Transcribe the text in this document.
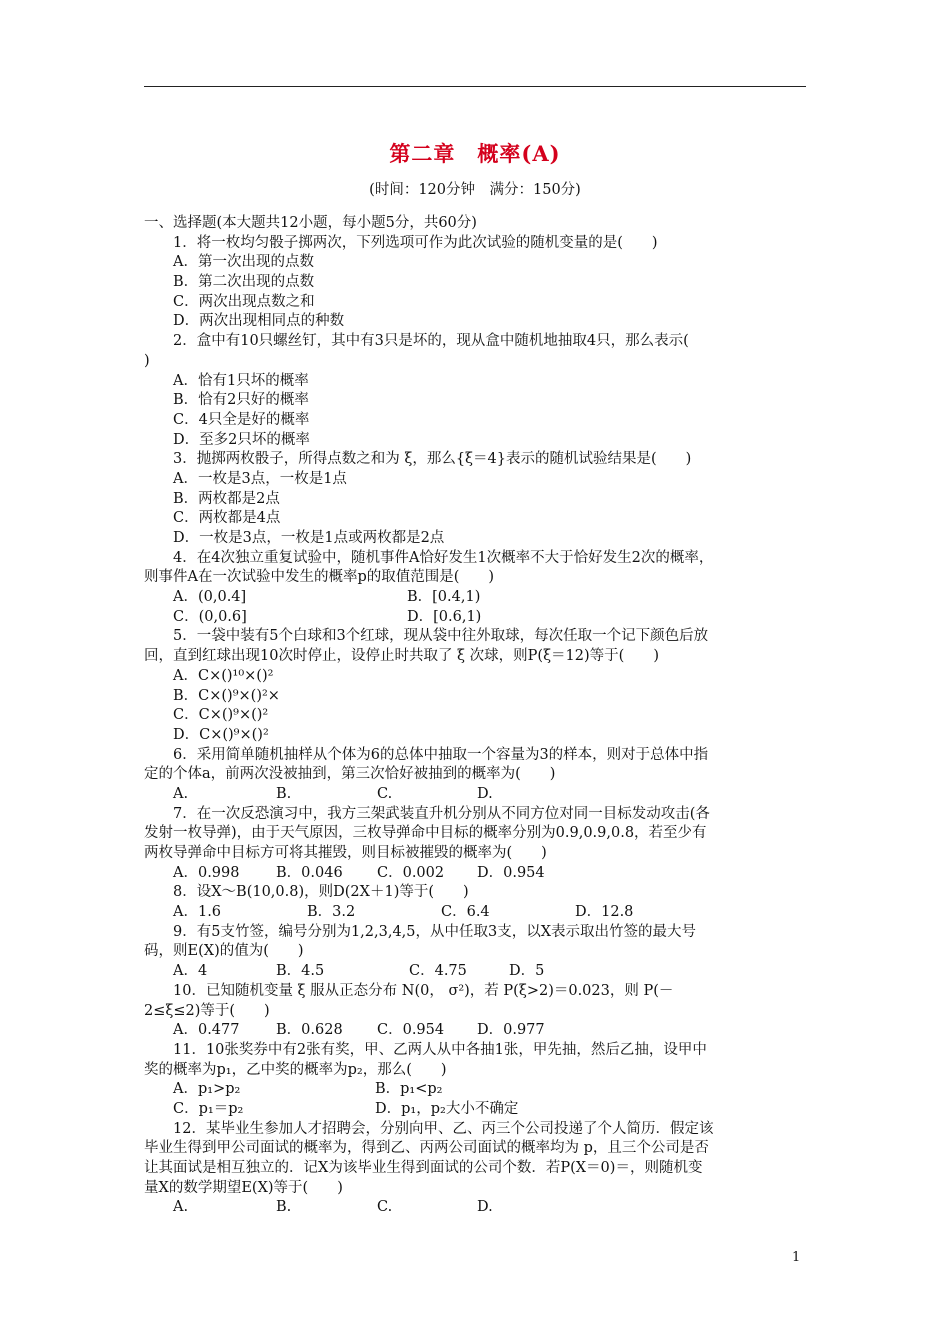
第二章　概率(A)
(时间：120分钟　满分：150分)
一、选择题(本大题共12小题，每小题5分，共60分)
1．将一枚均匀骰子掷两次，下列选项可作为此次试验的随机变量的是(　　)
A．第一次出现的点数
B．第二次出现的点数
C．两次出现点数之和
D．两次出现相同点的种数
2．盒中有10只螺丝钉，其中有3只是坏的，现从盒中随机地抽取4只，那么表示(
)
A．恰有1只坏的概率
B．恰有2只好的概率
C．4只全是好的概率
D．至多2只坏的概率
3．抛掷两枚骰子，所得点数之和为 ξ，那么{ξ＝4}表示的随机试验结果是(　　)
A．一枚是3点，一枚是1点
B．两枚都是2点
C．两枚都是4点
D．一枚是3点，一枚是1点或两枚都是2点
4．在4次独立重复试验中，随机事件A恰好发生1次概率不大于恰好发生2次的概率，
则事件A在一次试验中发生的概率p的取值范围是(　　)
A．(0,0.4]	B．[0.4,1)
C．(0,0.6]	D．[0.6,1)
5．一袋中装有5个白球和3个红球，现从袋中往外取球，每次任取一个记下颜色后放
回，直到红球出现10次时停止，设停止时共取了 ξ 次球，则P(ξ＝12)等于(　　)
A．C×()¹⁰×()²
B．C×()⁹×()²×
C．C×()⁹×()²
D．C×()⁹×()²
6．采用简单随机抽样从个体为6的总体中抽取一个容量为3的样本，则对于总体中指
定的个体a，前两次没被抽到，第三次恰好被抽到的概率为(　　)
A.	B.	C.	D.
7．在一次反恐演习中，我方三架武装直升机分别从不同方位对同一目标发动攻击(各
发射一枚导弹)，由于天气原因，三枚导弹命中目标的概率分别为0.9,0.9,0.8，若至少有
两枚导弹命中目标方可将其摧毁，则目标被摧毁的概率为(　　)
A．0.998	B．0.046	C．0.002	D．0.954
8．设X～B(10,0.8)，则D(2X＋1)等于(　　)
A．1.6	B．3.2	C．6.4	D．12.8
9．有5支竹签，编号分别为1,2,3,4,5，从中任取3支，以X表示取出竹签的最大号
码，则E(X)的值为(　　)
A．4	B．4.5	C．4.75	D．5
10．已知随机变量 ξ 服从正态分布 N(0， σ²)，若 P(ξ>2)＝0.023，则 P(－
2≤ξ≤2)等于(　　)
A．0.477	B．0.628	C．0.954	D．0.977
11．10张奖券中有2张有奖，甲、乙两人从中各抽1张，甲先抽，然后乙抽，设甲中
奖的概率为p₁，乙中奖的概率为p₂，那么(　　)
A．p₁>p₂	B．p₁<p₂
C．p₁＝p₂	D．p₁，p₂大小不确定
12．某毕业生参加人才招聘会，分别向甲、乙、丙三个公司投递了个人简历．假定该
毕业生得到甲公司面试的概率为，得到乙、丙两公司面试的概率均为 p，且三个公司是否
让其面试是相互独立的．记X为该毕业生得到面试的公司个数．若P(X＝0)＝，则随机变
量X的数学期望E(X)等于(　　)
A.	B.	C.	D.
1
